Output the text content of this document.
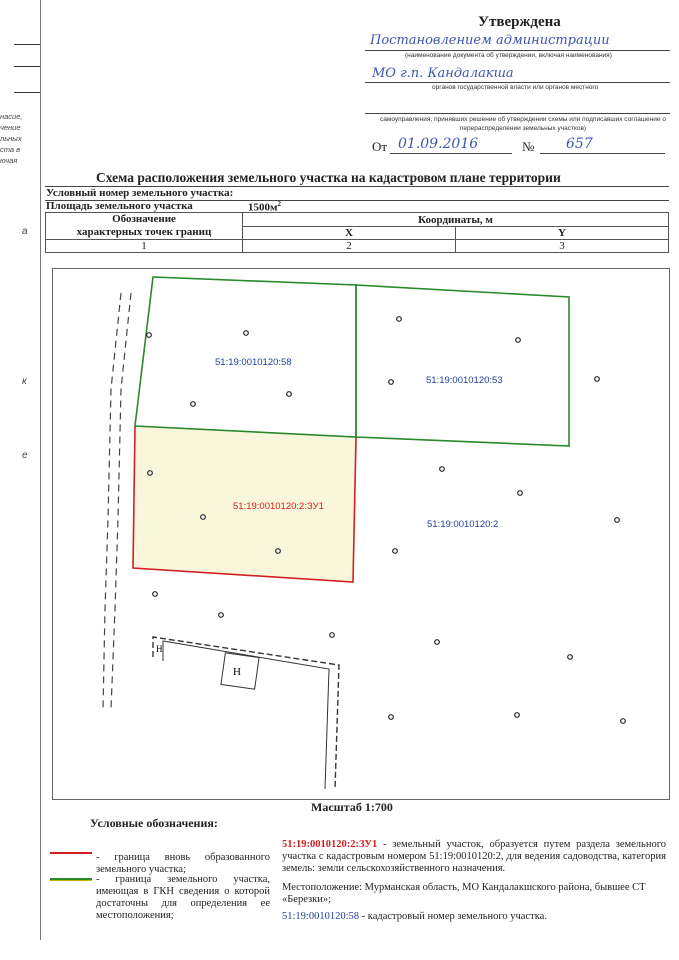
насие,
чение
льных
ста в
ючая
а
к
е
Утверждена
Постановлением администрации
(наименование документа об утверждении, включая наименования)
МО г.п. Кандалакша
органов государственной власти или органов местного
самоуправления, принявших решение об утверждении схемы или подписавших соглашение о перераспределении земельных участков)
От 01.09.2016	№ 657
Схема расположения земельного участка на кадастровом плане территории
Условный номер земельного участка:
Площадь земельного участка	$1500м^2$
Обозначение
характерных точек границ	Координаты, м	
	X	Y
1	2	3
Н
Н
51:19:0010120:58
51:19:0010120:53
51:19:0010120:2:ЗУ1
51:19:0010120:2
Масштаб 1:700
Условные обозначения:
- граница вновь образованного земельного участка;
- граница земельного участка, имеющая в ГКН сведения о которой достаточны для определения ее местоположения;
51:19:0010120:2:ЗУ1 - земельный участок, образуется путем раздела земельного участка с кадастровым номером 51:19:0010120:2, для ведения садоводства, категория земель: земли сельскохозяйственного назначения.
Местоположение: Мурманская область, МО Кандалакшского района, бывшее СТ «Березки»;
51:19:0010120:58 - кадастровый номер земельного участка.
